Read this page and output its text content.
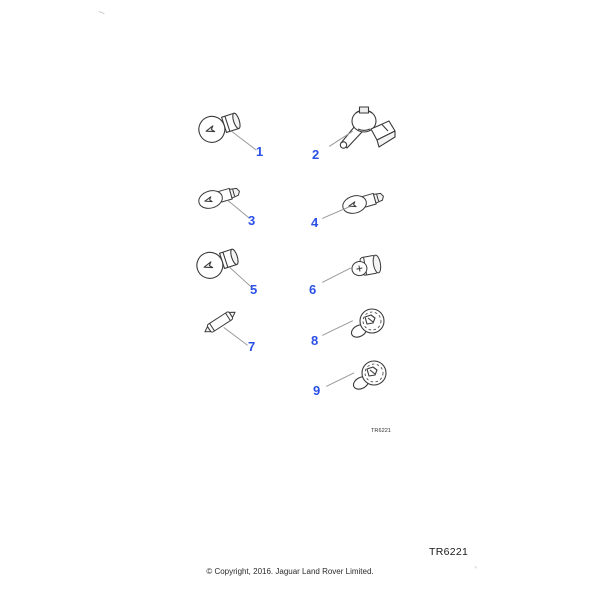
1	2
3	4
5	6
7	8
9
TR6221
TR6221
© Copyright, 2016. Jaguar Land Rover Limited.
